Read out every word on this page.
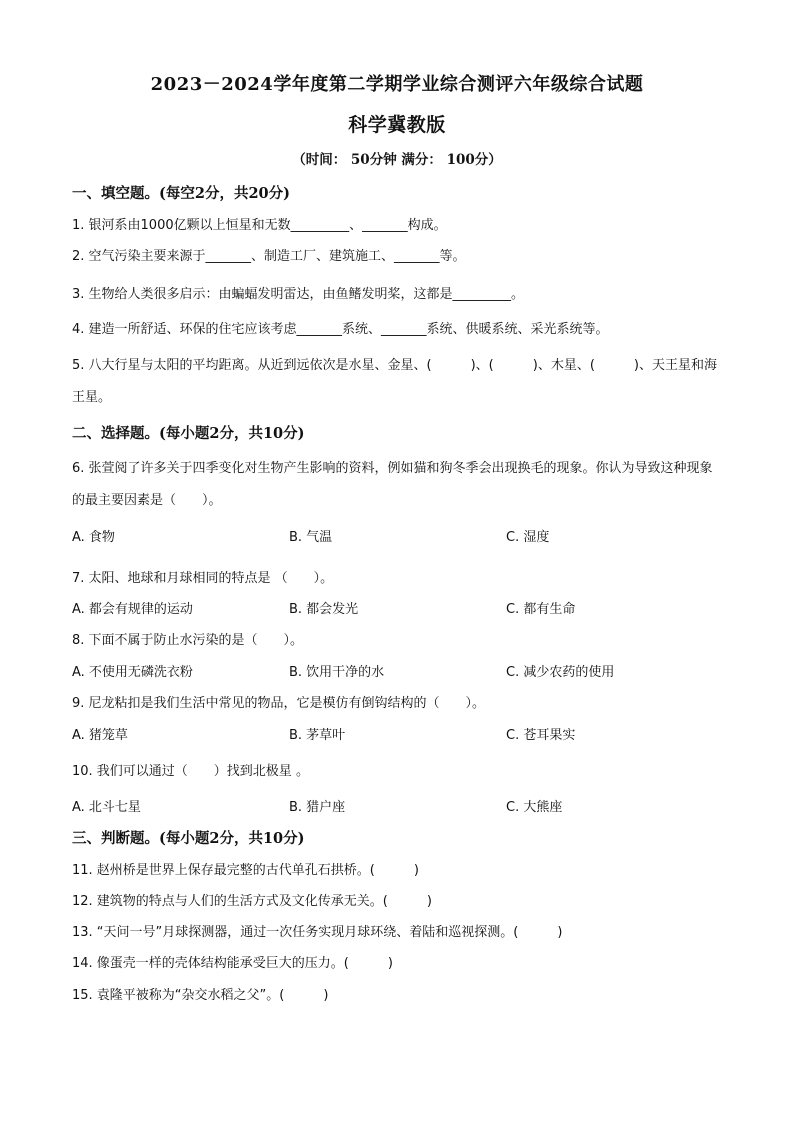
2023－2024学年度第二学期学业综合测评六年级综合试题
科学冀教版
（时间： 50分钟 满分： 100分）
一、填空题。(每空2分，共20分)
1. 银河系由1000亿颗以上恒星和无数_________、_______构成。
2. 空气污染主要来源于_______、制造工厂、建筑施工、_______等。
3. 生物给人类很多启示：由蝙蝠发明雷达，由鱼鳍发明桨，这都是_________。
4. 建造一所舒适、环保的住宅应该考虑_______系统、_______系统、供暖系统、采光系统等。
5. 八大行星与太阳的平均距离。从近到远依次是水星、金星、(　　　)、(　　　)、木星、(　　　)、天王星和海王星。
二、选择题。(每小题2分，共10分)
6. 张萱阅了许多关于四季变化对生物产生影响的资料，例如猫和狗冬季会出现换毛的现象。你认为导致这种现象的最主要因素是（　　）。
A. 食物	B. 气温	C. 湿度
7. 太阳、地球和月球相同的特点是 （　　）。
A. 都会有规律的运动	B. 都会发光	C. 都有生命
8. 下面不属于防止水污染的是（　　）。
A. 不使用无磷洗衣粉	B. 饮用干净的水	C. 减少农药的使用
9. 尼龙粘扣是我们生活中常见的物品，它是模仿有倒钩结构的（　　）。
A. 猪笼草	B. 茅草叶	C. 苍耳果实
10. 我们可以通过（　　）找到北极星 。
A. 北斗七星	B. 猎户座	C. 大熊座
三、判断题。(每小题2分，共10分)
11. 赵州桥是世界上保存最完整的古代单孔石拱桥。(　　　)
12. 建筑物的特点与人们的生活方式及文化传承无关。(　　　)
13. “天问一号”月球探测器，通过一次任务实现月球环绕、着陆和巡视探测。(　　　)
14. 像蛋壳一样的壳体结构能承受巨大的压力。(　　　)
15. 袁隆平被称为“杂交水稻之父”。(　　　)
